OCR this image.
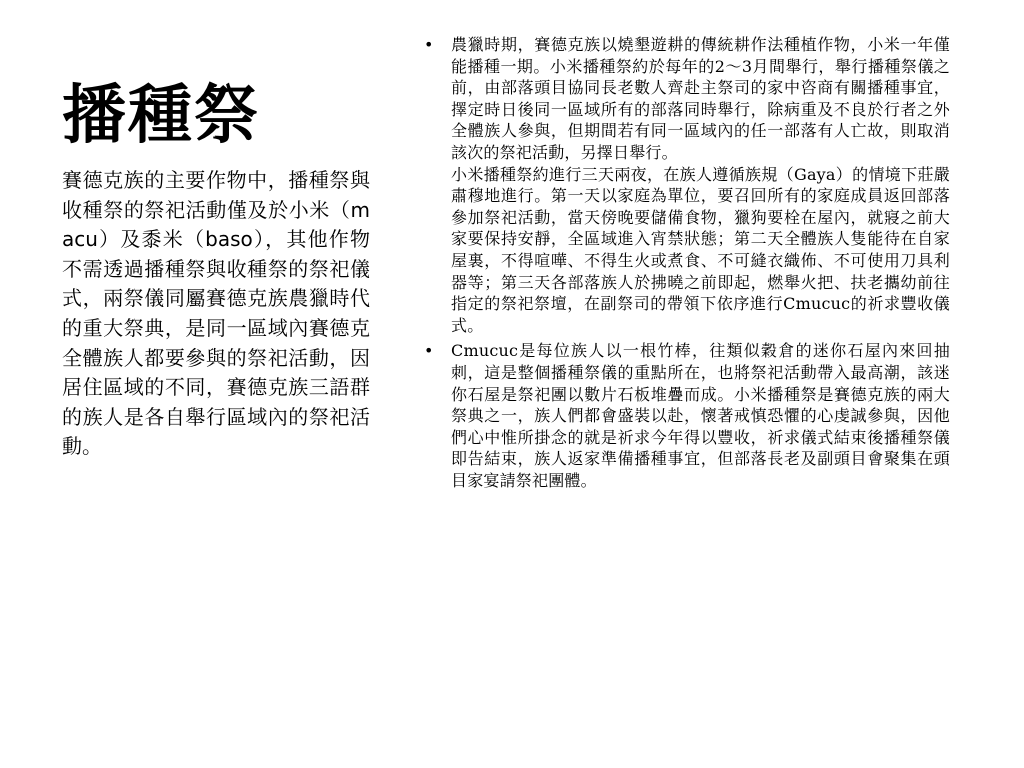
播種祭

賽德克族的主要作物中，播種祭與收種祭的祭祀活動僅及於小米（macu）及黍米（baso），其他作物不需透過播種祭與收種祭的祭祀儀式，兩祭儀同屬賽德克族農獵時代的重大祭典，是同一區域內賽德克全體族人都要參與的祭祀活動，因居住區域的不同，賽德克族三語群的族人是各自舉行區域內的祭祀活動。

• 農獵時期，賽德克族以燒墾遊耕的傳統耕作法種植作物，小米一年僅能播種一期。小米播種祭約於每年的2～3月間舉行，舉行播種祭儀之前，由部落頭目協同長老數人齊赴主祭司的家中咨商有關播種事宜，擇定時日後同一區域所有的部落同時舉行，除病重及不良於行者之外全體族人參與，但期間若有同一區域內的任一部落有人亡故，則取消該次的祭祀活動，另擇日舉行。
小米播種祭約進行三天兩夜，在族人遵循族規（Gaya）的情境下莊嚴肅穆地進行。第一天以家庭為單位，要召回所有的家庭成員返回部落參加祭祀活動，當天傍晚要儲備食物，獵狗要栓在屋內，就寢之前大家要保持安靜，全區域進入宵禁狀態；第二天全體族人隻能待在自家屋裏，不得喧嘩、不得生火或煮食、不可縫衣織佈、不可使用刀具利器等；第三天各部落族人於拂曉之前即起，燃舉火把、扶老攜幼前往指定的祭祀祭壇，在副祭司的帶領下依序進行Cmucuc的祈求豐收儀式。
• Cmucuc是每位族人以一根竹棒，往類似穀倉的迷你石屋內來回抽刺，這是整個播種祭儀的重點所在，也將祭祀活動帶入最高潮，該迷你石屋是祭祀團以數片石板堆疊而成。小米播種祭是賽德克族的兩大祭典之一，族人們都會盛裝以赴，懷著戒慎恐懼的心虔誠參與，因他們心中惟所掛念的就是祈求今年得以豐收，祈求儀式結束後播種祭儀即告結束，族人返家準備播種事宜，但部落長老及副頭目會聚集在頭目家宴請祭祀團體。
